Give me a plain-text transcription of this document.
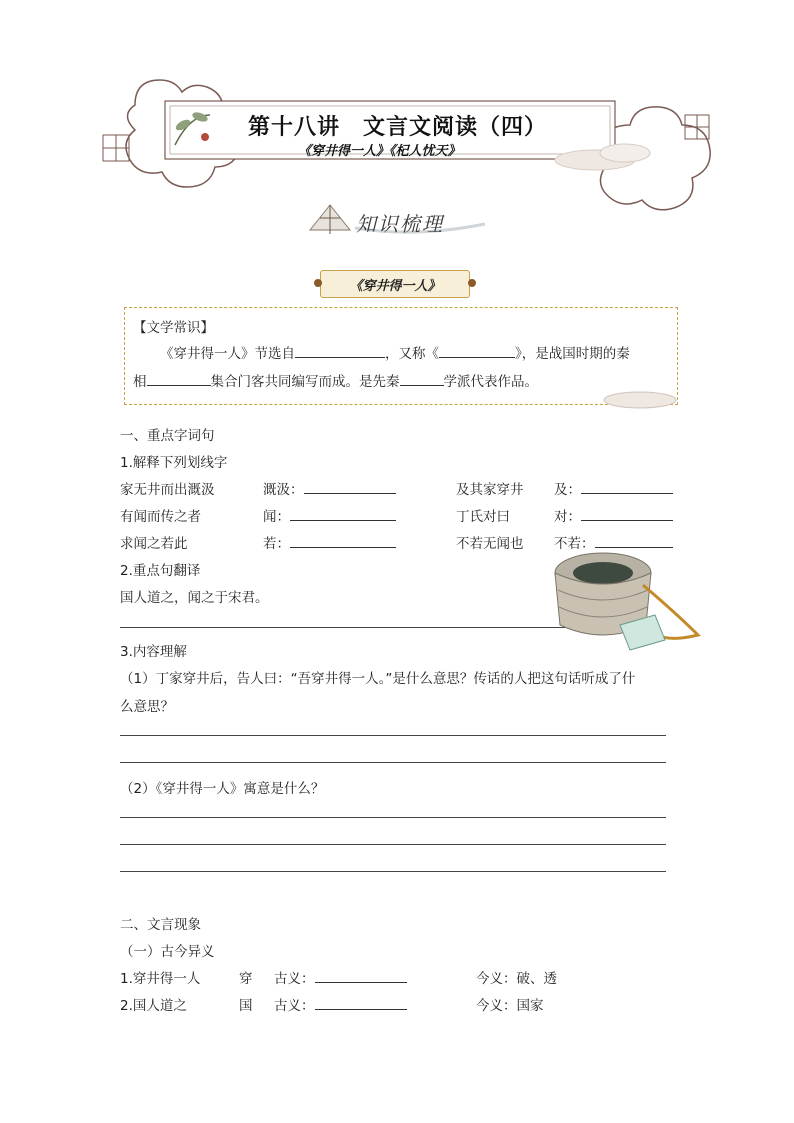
第十八讲　文言文阅读（四）
《穿井得一人》《杞人忧天》
知识梳理
《穿井得一人》
【文学常识】
《穿井得一人》节选自	，又称《	》，是战国时期的秦
相	集合门客共同编写而成。是先秦	学派代表作品。
一、重点字词句
1.解释下列划线字
家无井而出溉汲	溉汲：	及其家穿井 及：
有闻而传之者	闻：	丁氏对曰	对：
求闻之若此	若：	不若无闻也 不若：
2.重点句翻译
国人道之，闻之于宋君。
3.内容理解
（1）丁家穿井后，告人曰：“吾穿井得一人。”是什么意思？传话的人把这句话听成了什
么意思？
（2）《穿井得一人》寓意是什么？
二、文言现象
（一）古今异义
1.穿井得一人	穿 古义：	今义：破、透
2.国人道之	国 古义：	今义：国家
